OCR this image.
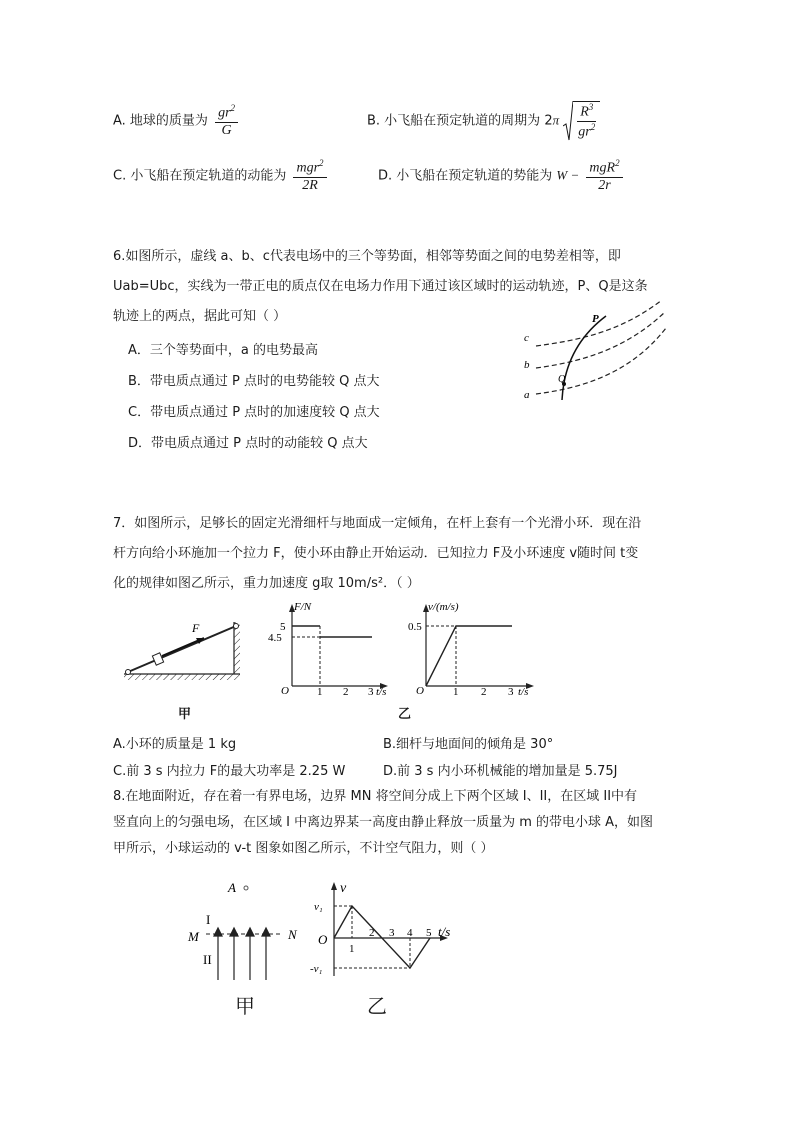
A. 地球的质量为 $\frac{gr^2}{G}$	B. 小飞船在预定轨道的周期为 $2\pi \frac{R^3}{gr^2}$
C. 小飞船在预定轨道的动能为 $\frac{mgr^2}{2R}$	D. 小飞船在预定轨道的势能为 $W - \frac{mgR^2}{2r}$
6.如图所示，虚线 a、b、c代表电场中的三个等势面，相邻等势面之间的电势差相等，即
Uab=Ubc，实线为一带正电的质点仅在电场力作用下通过该区域时的运动轨迹，P、Q是这条
轨迹上的两点，据此可知（ ）
A．三个等势面中，a 的电势最高
B．带电质点通过 P 点时的电势能较 Q 点大
C．带电质点通过 P 点时的加速度较 Q 点大
D．带电质点通过 P 点时的动能较 Q 点大
c
b
a
P
Q
7．如图所示，足够长的固定光滑细杆与地面成一定倾角，在杆上套有一个光滑小环．现在沿
杆方向给小环施加一个拉力 F，使小环由静止开始运动．已知拉力 F及小环速度 v随时间 t变
化的规律如图乙所示，重力加速度 g取 10m/s²．（ ）
F
F/N
5
4.5
O	1 2 3 t/s
v/(m/s)
0.5
O	1 2 3 t/s
甲	乙
A.小环的质量是 1 kg	B.细杆与地面间的倾角是 30°
C.前 3 s 内拉力 F的最大功率是 2.25 W	D.前 3 s 内小环机械能的增加量是 5.75J
8.在地面附近，存在着一有界电场，边界 MN 将空间分成上下两个区域 I、II，在区域 II中有
竖直向上的匀强电场，在区域 I 中离边界某一高度由静止释放一质量为 m 的带电小球 A，如图
甲所示，小球运动的 v-t 图象如图乙所示，不计空气阻力，则（ ）
A
I
II
M	N
v
v₁
-v₁
O
1
2 3 4 5 t/s
甲	乙
